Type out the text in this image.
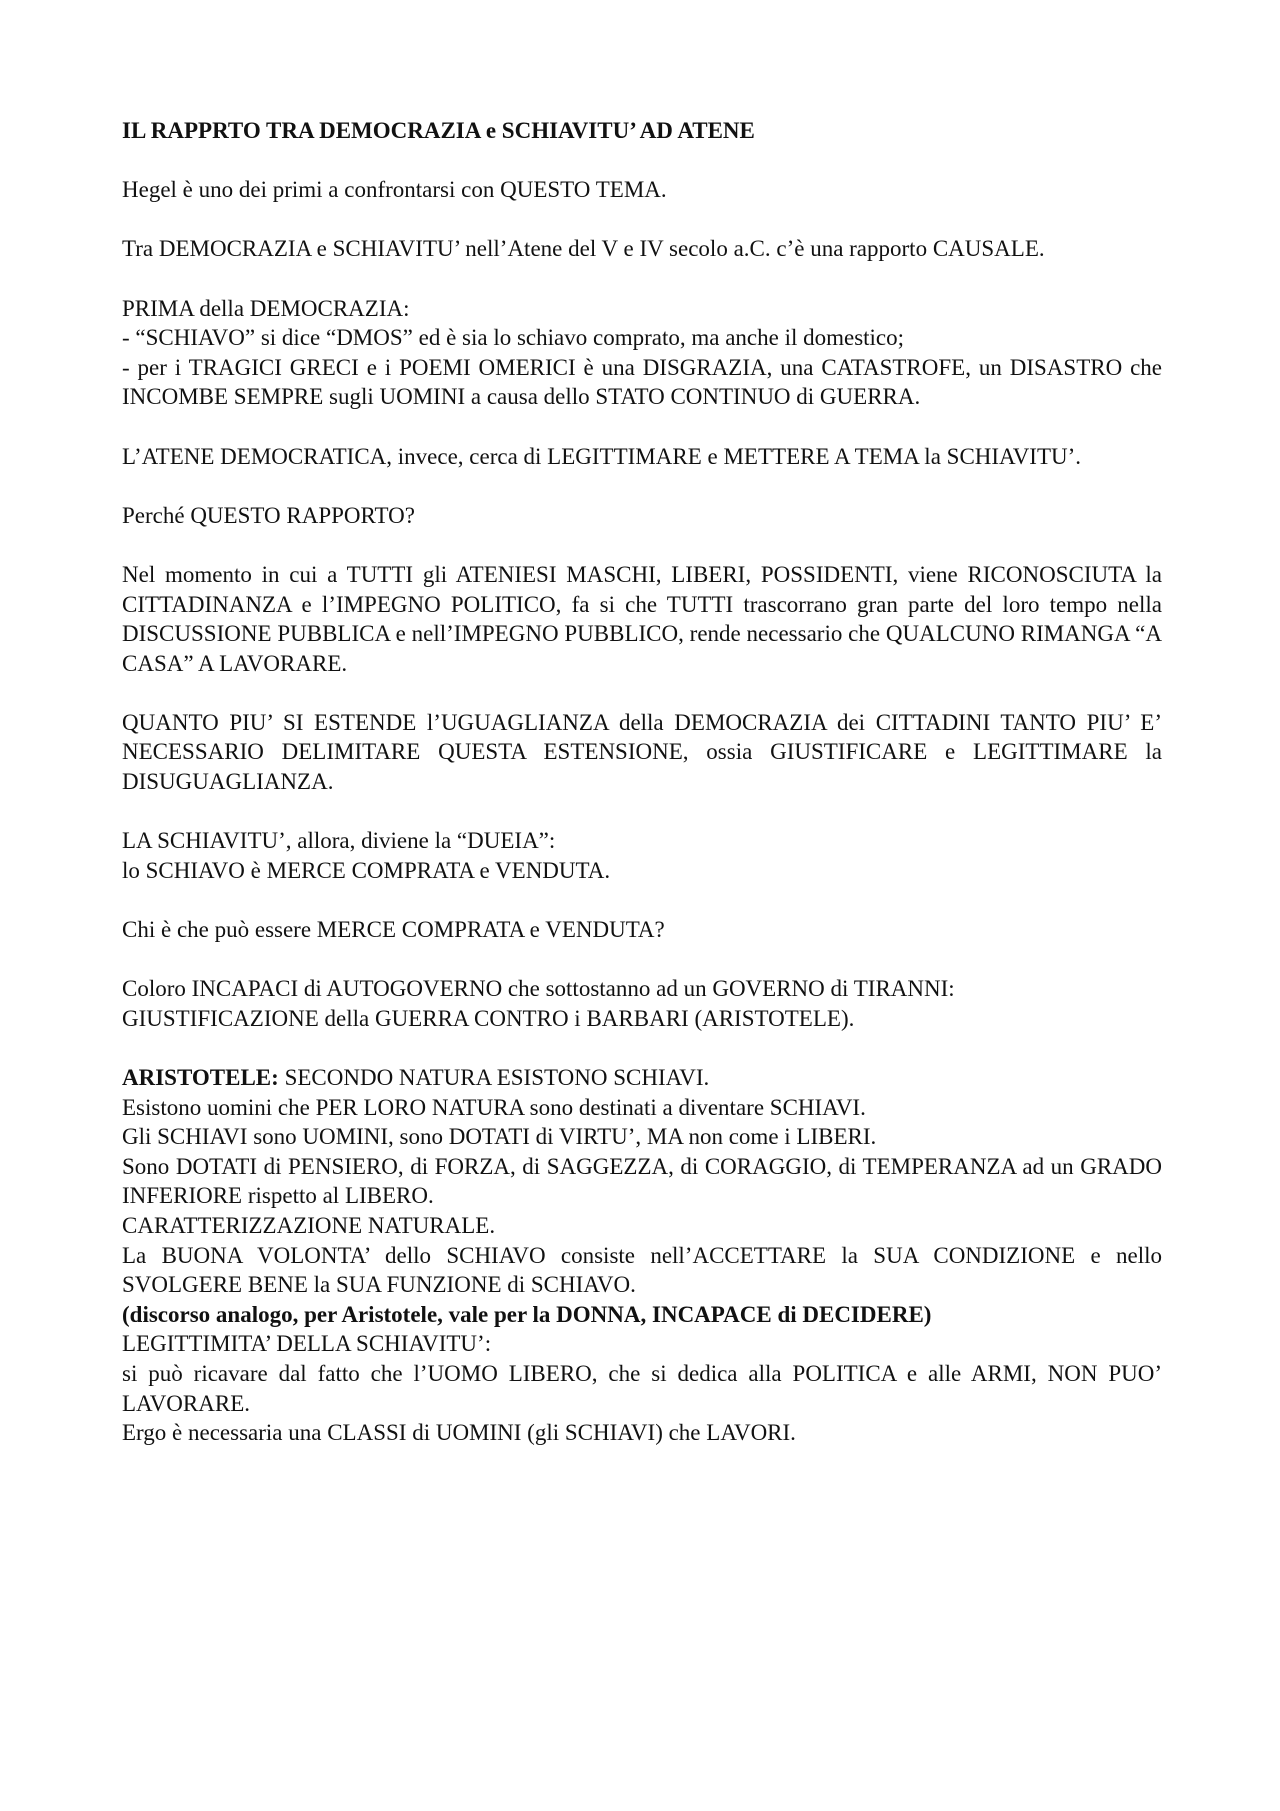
IL RAPPRTO TRA DEMOCRAZIA e SCHIAVITU’ AD ATENE
Hegel è uno dei primi a confrontarsi con QUESTO TEMA.
Tra DEMOCRAZIA e SCHIAVITU’ nell’Atene del V e IV secolo a.C. c’è una rapporto CAUSALE.
PRIMA della DEMOCRAZIA:
- “SCHIAVO” si dice “DMOS” ed è sia lo schiavo comprato, ma anche il domestico;
- per i TRAGICI GRECI e i POEMI OMERICI è una DISGRAZIA, una CATASTROFE, un DISASTRO che INCOMBE SEMPRE sugli UOMINI a causa dello STATO CONTINUO di GUERRA.
L’ATENE DEMOCRATICA, invece, cerca di LEGITTIMARE e METTERE A TEMA la SCHIAVITU’.
Perché QUESTO RAPPORTO?
Nel momento in cui a TUTTI gli ATENIESI MASCHI, LIBERI, POSSIDENTI, viene RICONOSCIUTA la CITTADINANZA e l’IMPEGNO POLITICO, fa si che TUTTI trascorrano gran parte del loro tempo nella DISCUSSIONE PUBBLICA e nell’IMPEGNO PUBBLICO, rende necessario che QUALCUNO RIMANGA “A CASA” A LAVORARE.
QUANTO PIU’ SI ESTENDE l’UGUAGLIANZA della DEMOCRAZIA dei CITTADINI TANTO PIU’ E’ NECESSARIO DELIMITARE QUESTA ESTENSIONE, ossia GIUSTIFICARE e LEGITTIMARE la DISUGUAGLIANZA.
LA SCHIAVITU’, allora, diviene la “DUEIA”:
lo SCHIAVO è MERCE COMPRATA e VENDUTA.
Chi è che può essere MERCE COMPRATA e VENDUTA?
Coloro INCAPACI di AUTOGOVERNO che sottostanno ad un GOVERNO di TIRANNI:
GIUSTIFICAZIONE della GUERRA CONTRO i BARBARI (ARISTOTELE).
ARISTOTELE: SECONDO NATURA ESISTONO SCHIAVI.
Esistono uomini che PER LORO NATURA sono destinati a diventare SCHIAVI.
Gli SCHIAVI sono UOMINI, sono DOTATI di VIRTU’, MA non come i LIBERI.
Sono DOTATI di PENSIERO, di FORZA, di SAGGEZZA, di CORAGGIO, di TEMPERANZA ad un GRADO INFERIORE rispetto al LIBERO.
CARATTERIZZAZIONE NATURALE.
La BUONA VOLONTA’ dello SCHIAVO consiste nell’ACCETTARE la SUA CONDIZIONE e nello SVOLGERE BENE la SUA FUNZIONE di SCHIAVO.
(discorso analogo, per Aristotele, vale per la DONNA, INCAPACE di DECIDERE)
LEGITTIMITA’ DELLA SCHIAVITU’:
si può ricavare dal fatto che l’UOMO LIBERO, che si dedica alla POLITICA e alle ARMI, NON PUO’ LAVORARE.
Ergo è necessaria una CLASSI di UOMINI (gli SCHIAVI) che LAVORI.
